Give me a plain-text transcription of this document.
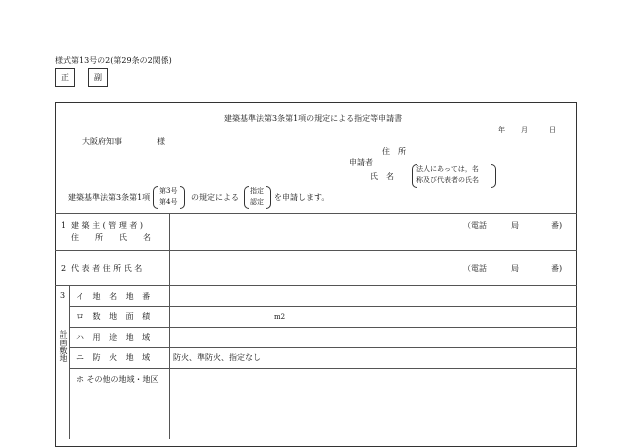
様式第13号の2(第29条の2関係)
正	副
建築基準法第3条第1項の規定による指定等申請書
年 月	日
大阪府知事	様
住　所
申請者
氏　名
法人にあっては，名
称及び代表者の氏名
建築基準法第3条第1項
第3号
第4号 の規定による
指定
認定 を申請します。
1 建 築 主 ( 管 理 者 )
住　　所　　氏　　名
（電話	局	番)
2 代 表 者 住 所 氏 名	（電話	局	番)
3
計画敷地
イ 地 名 地 番
ロ 数 地 面 積	m2
ハ 用 途 地 域
ニ 防 火 地 域 防火、準防火、指定なし
ホ その他の地域・地区
